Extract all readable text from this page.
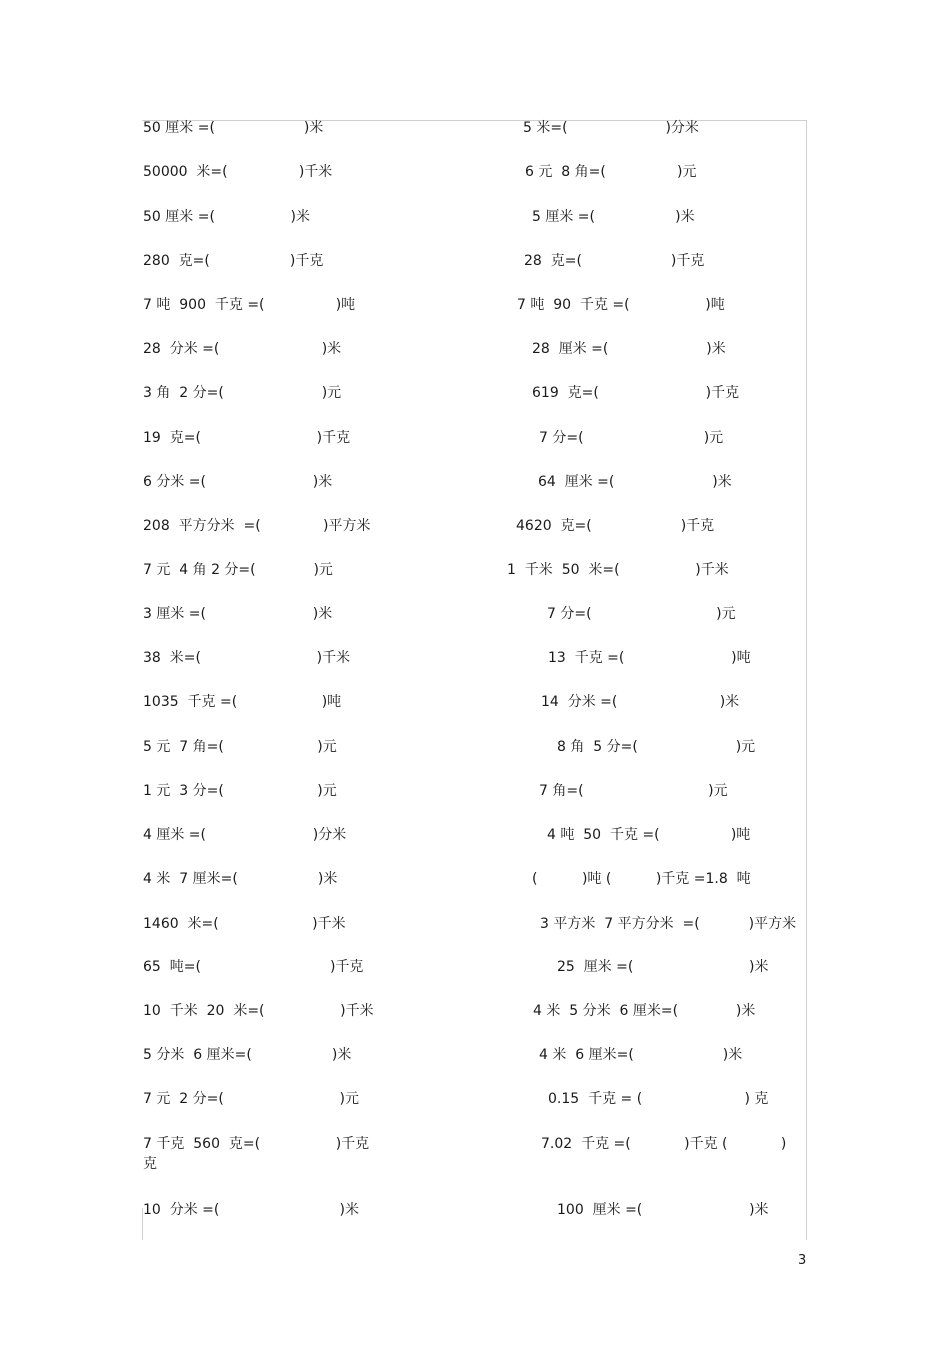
50 厘米 =(                    )米
50000  米=(                )千米
50 厘米 =(                 )米
280  克=(                  )千克
7 吨  900  千克 =(                )吨
28  分米 =(                       )米
3 角  2 分=(                      )元
19  克=(                          )千克
6 分米 =(                        )米
208  平方分米  =(              )平方米
7 元  4 角 2 分=(             )元
3 厘米 =(                        )米
38  米=(                          )千米
1035  千克 =(                   )吨
5 元  7 角=(                     )元
1 元  3 分=(                     )元
4 厘米 =(                        )分米
4 米  7 厘米=(                  )米
1460  米=(                     )千米
65  吨=(                             )千克
10  千米  20  米=(                 )千米
5 分米  6 厘米=(                  )米
7 元  2 分=(                          )元
7 千克  560  克=(                 )千克
克
10  分米 =(                           )米
5 米=(                      )分米
6 元  8 角=(                )元
5 厘米 =(                  )米
28  克=(                    )千克
7 吨  90  千克 =(                 )吨
28  厘米 =(                      )米
619  克=(                        )千克
7 分=(                           )元
64  厘米 =(                      )米
4620  克=(                    )千克
1  千米  50  米=(                 )千米
7 分=(                            )元
13  千克 =(                        )吨
14  分米 =(                       )米
8 角  5 分=(                      )元
7 角=(                            )元
4 吨  50  千克 =(                )吨
(          )吨 (          )千克 =1.8  吨
3 平方米  7 平方分米  =(           )平方米
25  厘米 =(                          )米
4 米  5 分米  6 厘米=(             )米
4 米  6 厘米=(                    )米
0.15  千克 = (                       ) 克
7.02  千克 =(            )千克 (            )
100  厘米 =(                        )米
3
